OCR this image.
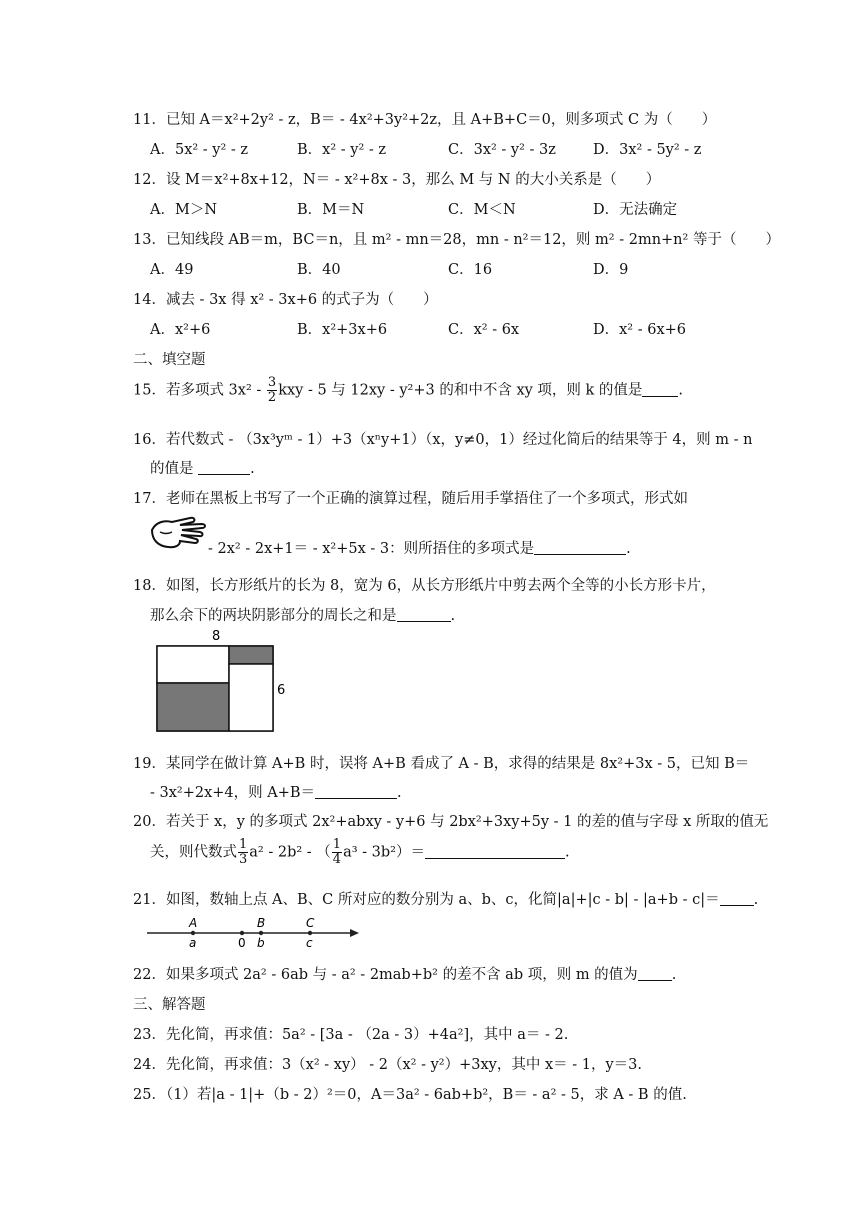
11．已知 A＝x²+2y² - z，B＝ - 4x²+3y²+2z，且 A+B+C＝0，则多项式 C 为（　　）
A．5x² - y² - z	B．x² - y² - z	C．3x² - y² - 3z	D．3x² - 5y² - z
12．设 M＝x²+8x+12，N＝ - x²+8x - 3，那么 M 与 N 的大小关系是（　　）
A．M＞N	B．M＝N	C．M＜N	D．无法确定
13．已知线段 AB＝m，BC＝n，且 m² - mn＝28，mn - n²＝12，则 m² - 2mn+n² 等于（　　）
A．49	B．40	C．16	D．9
14．减去 - 3x 得 x² - 3x+6 的式子为（　　）
A．x²+6	B．x²+3x+6	C．x² - 6x	D．x² - 6x+6
二、填空题
15．若多项式 $3x^2 - \frac{3}{2}$ kxy - 5 与 12xy - y²+3 的和中不含 xy 项，则 k 的值是 .
16．若代数式 - （3x³yᵐ - 1）+3（xⁿy+1）（x，y≠0，1）经过化简后的结果等于 4，则 m - n
的值是	.
17．老师在黑板上书写了一个正确的演算过程，随后用手掌捂住了一个多项式，形式如
- 2x² - 2x+1＝ - x²+5x - 3：则所捂住的多项式是	.
18．如图，长方形纸片的长为 8，宽为 6，从长方形纸片中剪去两个全等的小长方形卡片，
那么余下的两块阴影部分的周长之和是	.
8
6
19．某同学在做计算 A+B 时，误将 A+B 看成了 A - B，求得的结果是 8x²+3x - 5，已知 B＝
- 3x²+2x+4，则 A+B＝	.
20．若关于 x，y 的多项式 2x²+abxy - y+6 与 2bx²+3xy+5y - 1 的差的值与字母 x 所取的值无
关，则代数式 $\frac{1}{3} a^2 - 2b^2$ - （ $\frac{1}{4} a^3 - 3b^2)=$	.
21．如图，数轴上点 A、B、C 所对应的数分别为 a、b、c，化简|a|+|c - b| - |a+b - c|＝ .
A	B	C
a	0 b	c
22．如果多项式 2a² - 6ab 与 - a² - 2mab+b² 的差不含 ab 项，则 m 的值为 .
三、解答题
23．先化简，再求值：5a² - [3a - （2a - 3）+4a²]，其中 a＝ - 2.
24．先化简，再求值：3（x² - xy） - 2（x² - y²）+3xy，其中 x＝ - 1，y＝3.
25．（1）若|a - 1|+（b - 2）²＝0，A＝3a² - 6ab+b²，B＝ - a² - 5，求 A - B 的值.
